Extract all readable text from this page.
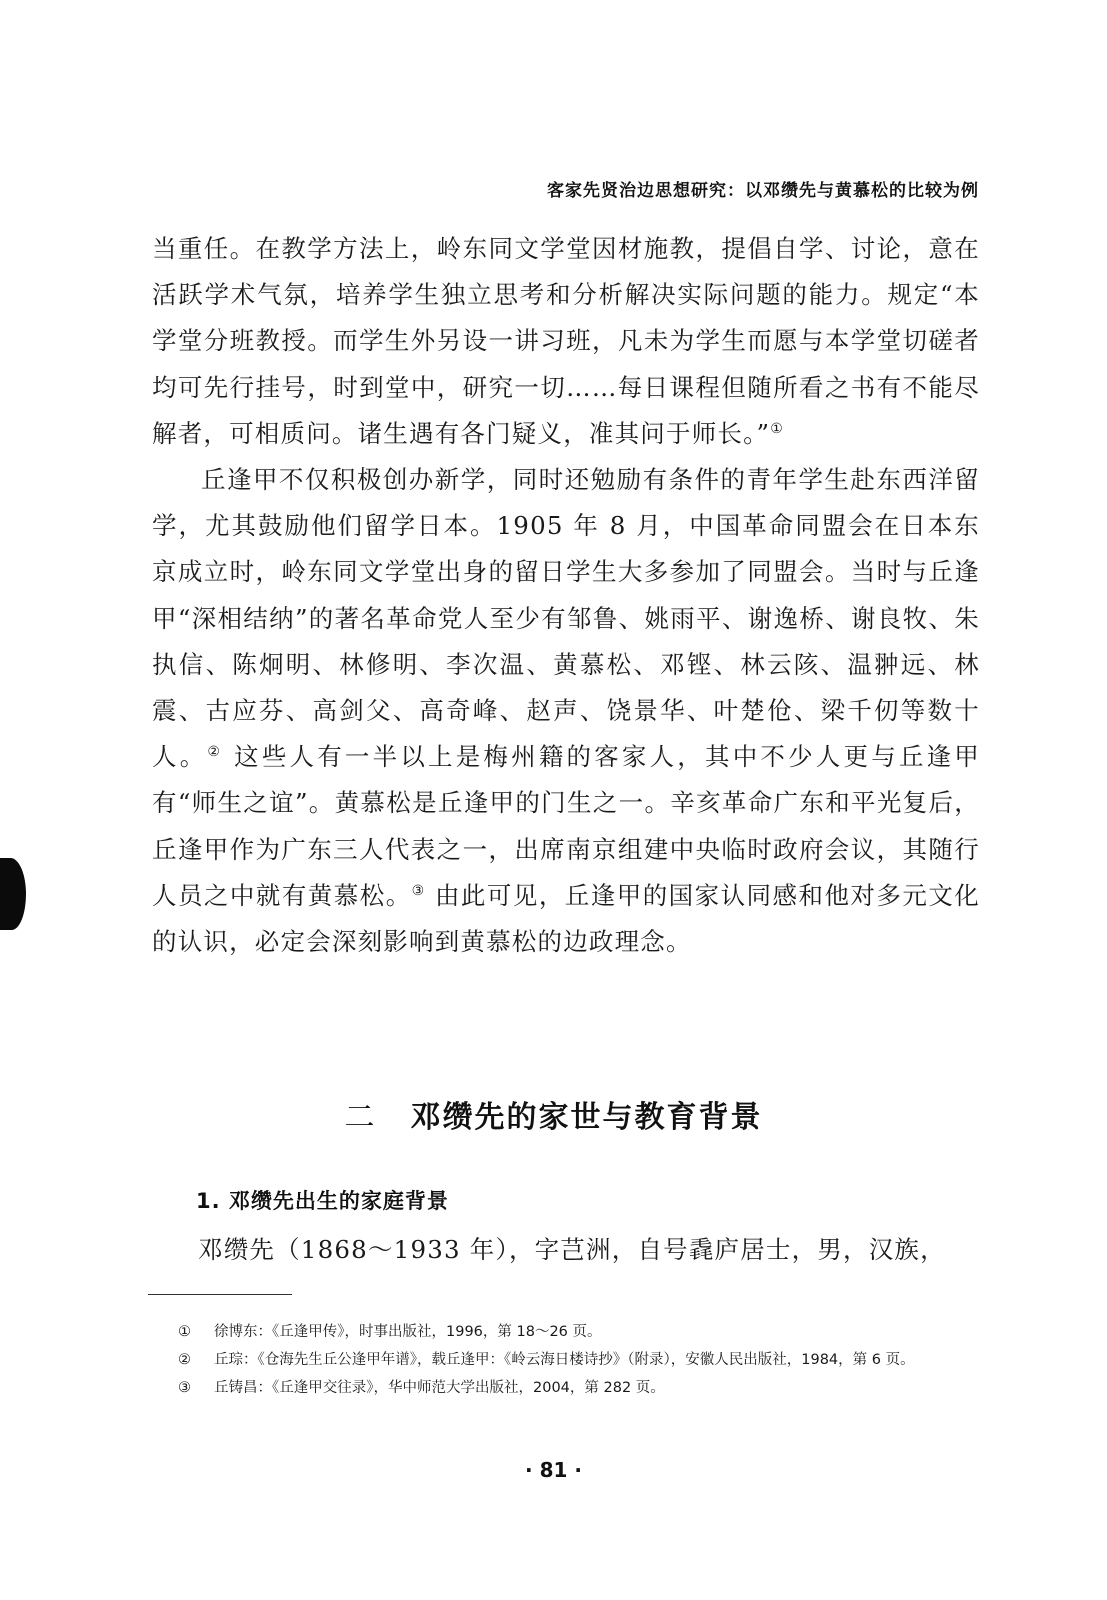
客家先贤治边思想研究：以邓缵先与黄慕松的比较为例

当重任。在教学方法上，岭东同文学堂因材施教，提倡自学、讨论，意在活跃学术气氛，培养学生独立思考和分析解决实际问题的能力。规定“本学堂分班教授。而学生外另设一讲习班，凡未为学生而愿与本学堂切磋者均可先行挂号，时到堂中，研究一切……每日课程但随所看之书有不能尽解者，可相质问。诸生遇有各门疑义，准其问于师长。”①

丘逢甲不仅积极创办新学，同时还勉励有条件的青年学生赴东西洋留学，尤其鼓励他们留学日本。1905 年 8 月，中国革命同盟会在日本东京成立时，岭东同文学堂出身的留日学生大多参加了同盟会。当时与丘逢甲“深相结纳”的著名革命党人至少有邹鲁、姚雨平、谢逸桥、谢良牧、朱执信、陈炯明、林修明、李次温、黄慕松、邓铿、林云陔、温翀远、林震、古应芬、高剑父、高奇峰、赵声、饶景华、叶楚伧、梁千仞等数十人。② 这些人有一半以上是梅州籍的客家人，其中不少人更与丘逢甲有“师生之谊”。黄慕松是丘逢甲的门生之一。辛亥革命广东和平光复后，丘逢甲作为广东三人代表之一，出席南京组建中央临时政府会议，其随行人员之中就有黄慕松。③ 由此可见，丘逢甲的国家认同感和他对多元文化的认识，必定会深刻影响到黄慕松的边政理念。

二 邓缵先的家世与教育背景
1. 邓缵先出生的家庭背景
邓缵先（1868～1933 年），字芑洲，自号毳庐居士，男，汉族，
①	徐博东：《丘逢甲传》，时事出版社，1996，第 18～26 页。
②	丘琮：《仓海先生丘公逢甲年谱》，载丘逢甲：《岭云海日楼诗抄》（附录），安徽人民出版社，1984，第 6 页。
③	丘铸昌：《丘逢甲交往录》，华中师范大学出版社，2004，第 282 页。
· 81 ·
